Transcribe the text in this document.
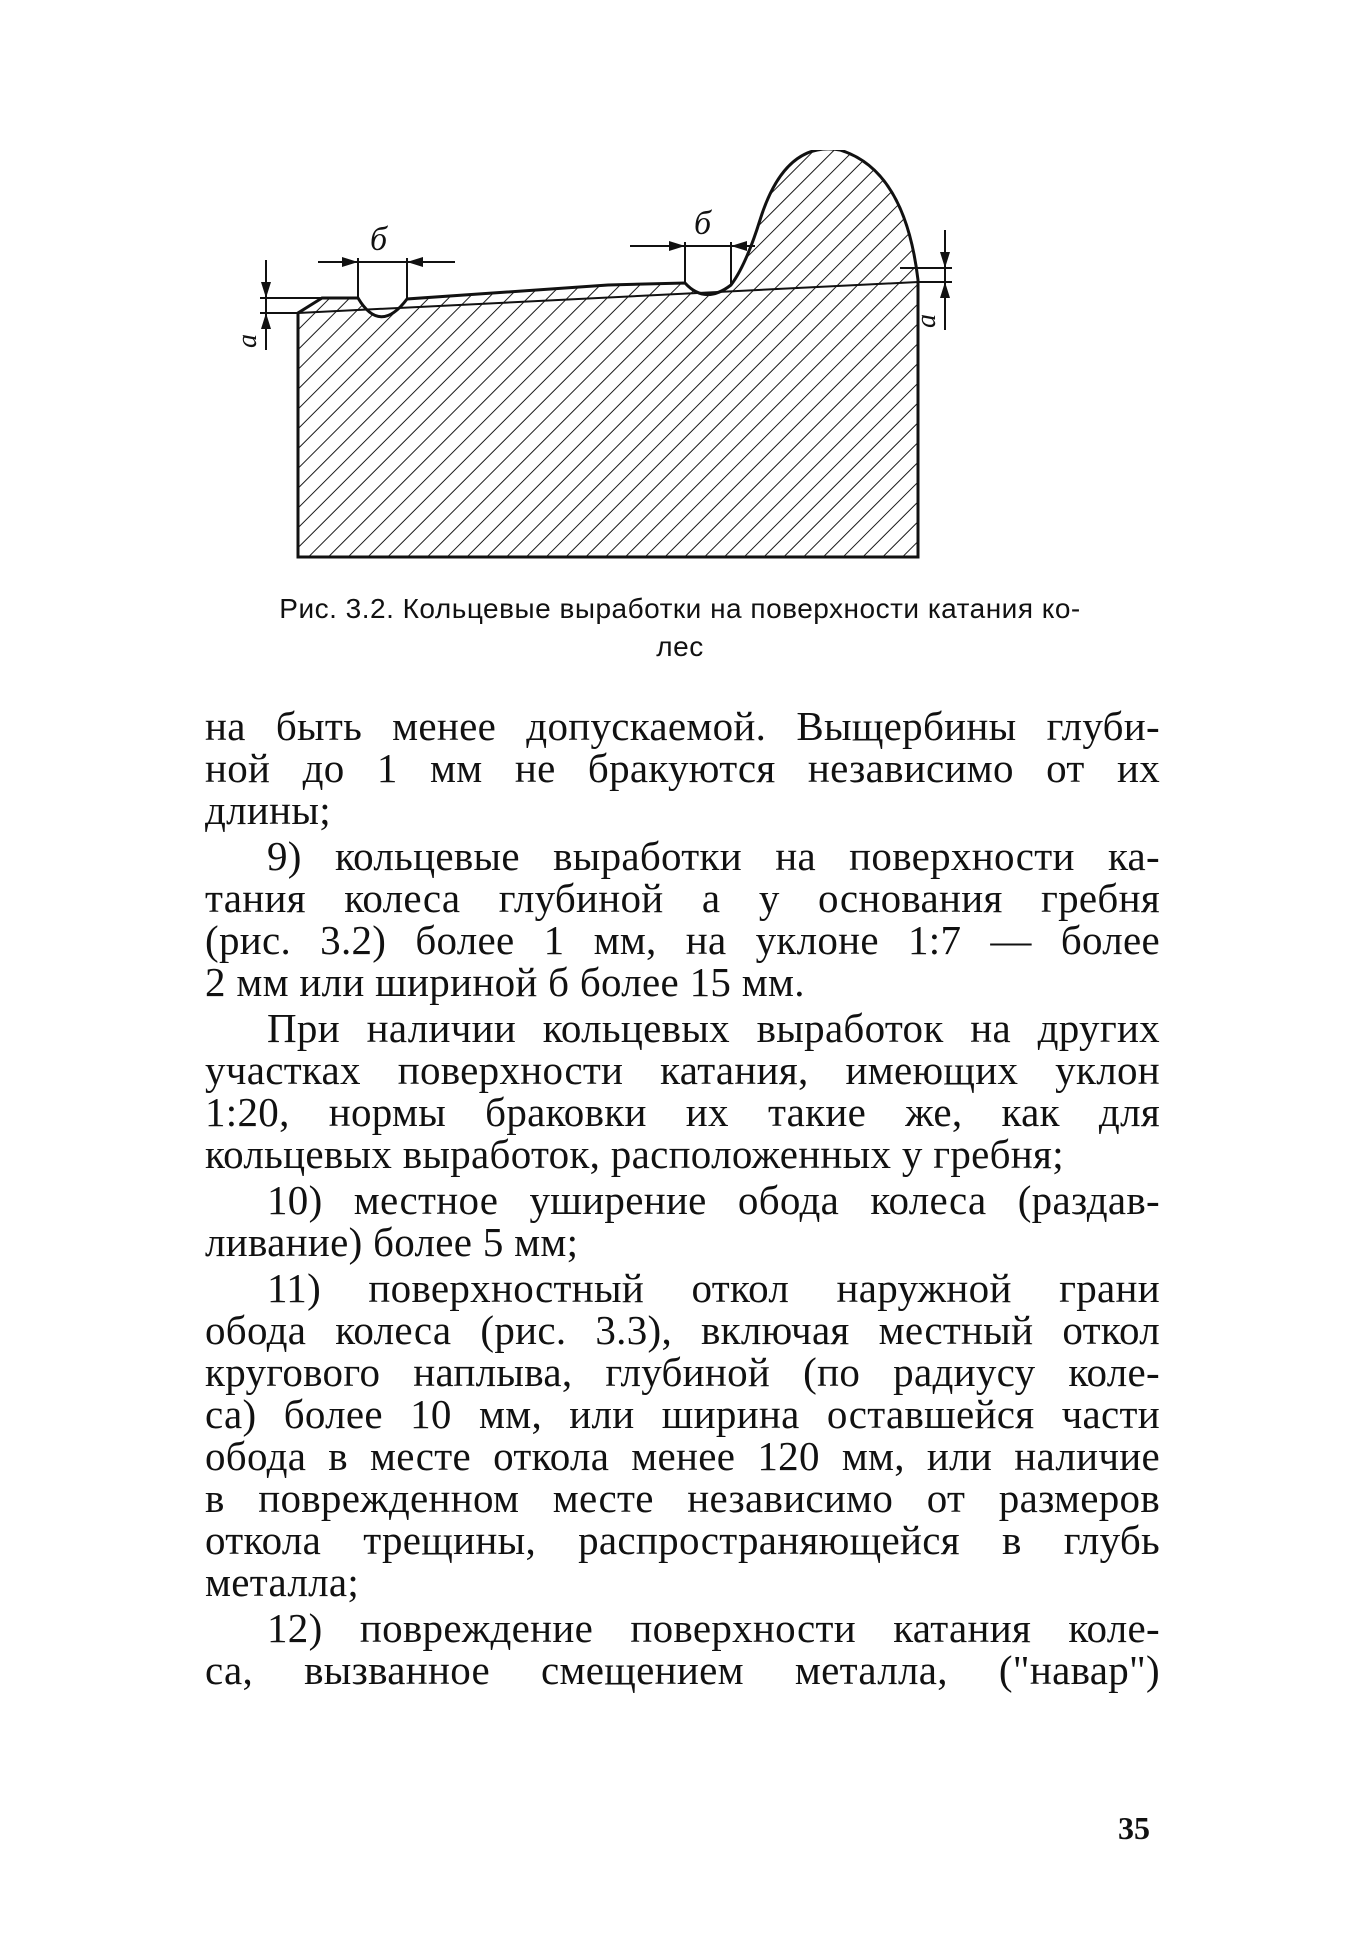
a
б	б
a
Рис. 3.2. Кольцевые выработки на поверхности катания ко-
лес
на быть менее допускаемой. Выщербины глуби-
ной до 1 мм не бракуются независимо от их
длины;
9) кольцевые выработки на поверхности ка-
тания колеса глубиной a у основания гребня
(рис. 3.2) более 1 мм, на уклоне 1:7 — более
2 мм или шириной б более 15 мм.
При наличии кольцевых выработок на других
участках поверхности катания, имеющих уклон
1:20, нормы браковки их такие же, как для
кольцевых выработок, расположенных у гребня;
10) местное уширение обода колеса (раздав-
ливание) более 5 мм;
11) поверхностный откол наружной грани
обода колеса (рис. 3.3), включая местный откол
кругового наплыва, глубиной (по радиусу коле-
са) более 10 мм, или ширина оставшейся части
обода в месте откола менее 120 мм, или наличие
в поврежденном месте независимо от размеров
откола трещины, распространяющейся в глубь
металла;
12) повреждение поверхности катания коле-
са, вызванное смещением металла, ("навар")
35
